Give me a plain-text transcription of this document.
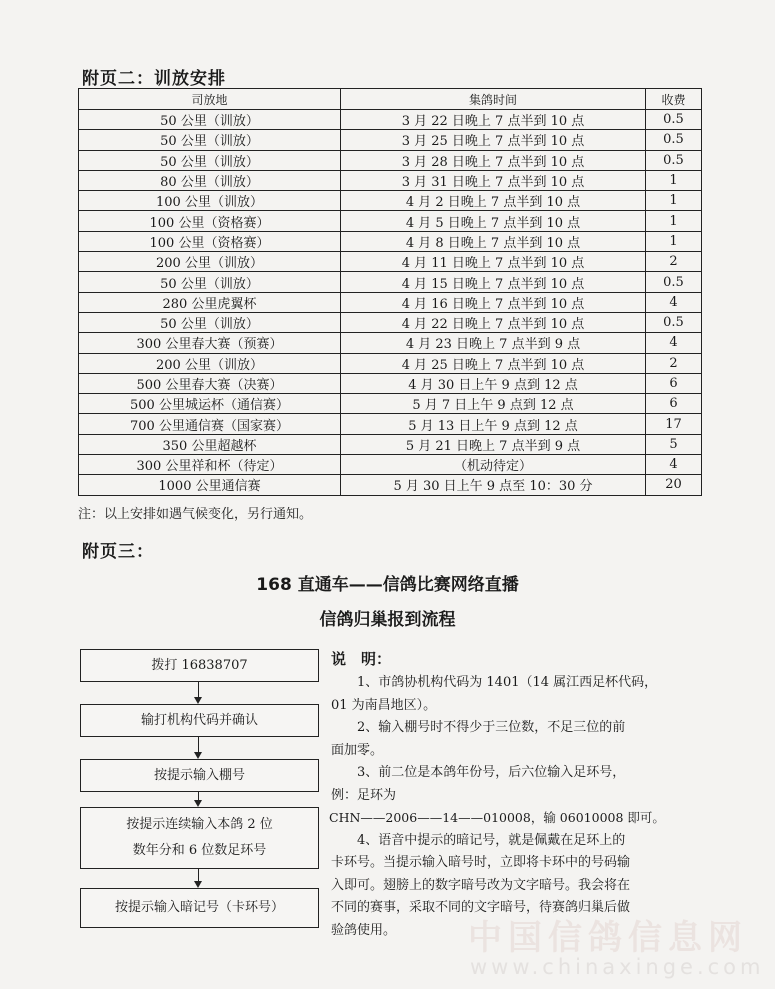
附页二：训放安排
司放地	集鸽时间	收费
50 公里（训放）	3 月 22 日晚上 7 点半到 10 点	0.5
50 公里（训放）	3 月 25 日晚上 7 点半到 10 点	0.5
50 公里（训放）	3 月 28 日晚上 7 点半到 10 点	0.5
80 公里（训放）	3 月 31 日晚上 7 点半到 10 点	1
100 公里（训放）	4 月 2 日晚上 7 点半到 10 点	1
100 公里（资格赛）	4 月 5 日晚上 7 点半到 10 点	1
100 公里（资格赛）	4 月 8 日晚上 7 点半到 10 点	1
200 公里（训放）	4 月 11 日晚上 7 点半到 10 点	2
50 公里（训放）	4 月 15 日晚上 7 点半到 10 点	0.5
280 公里虎翼杯	4 月 16 日晚上 7 点半到 10 点	4
50 公里（训放）	4 月 22 日晚上 7 点半到 10 点	0.5
300 公里春大赛（预赛）	4 月 23 日晚上 7 点半到 9 点	4
200 公里（训放）	4 月 25 日晚上 7 点半到 10 点	2
500 公里春大赛（决赛）	4 月 30 日上午 9 点到 12 点	6
500 公里城运杯（通信赛）	5 月 7 日上午 9 点到 12 点	6
700 公里通信赛（国家赛）	5 月 13 日上午 9 点到 12 点	17
350 公里超越杯	5 月 21 日晚上 7 点半到 9 点	5
300 公里祥和杯（待定）	（机动待定）	4
1000 公里通信赛	5 月 30 日上午 9 点至 10：30 分	20
注：以上安排如遇气候变化，另行通知。
附页三：
168 直通车——信鸽比赛网络直播
信鸽归巢报到流程
拨打 16838707
输打机构代码并确认
按提示输入棚号
按提示连续输入本鸽 2 位
数年分和 6 位数足环号
按提示输入暗记号（卡环号）
说　明：

1、市鸽协机构代码为 1401（14 属江西足杯代码，

01 为南昌地区）。

2、输入棚号时不得少于三位数，不足三位的前

面加零。

3、前二位是本鸽年份号，后六位输入足环号，

例：足环为

CHN——2006——14——010008，输 06010008 即可。

4、语音中提示的暗记号，就是佩戴在足环上的

卡环号。当提示输入暗号时，立即将卡环中的号码输

入即可。翅膀上的数字暗号改为文字暗号。我会将在

不同的赛事，采取不同的文字暗号，待赛鸽归巢后做

验鸽使用。	中国信鸽信息网
www.chinaxinge.com
